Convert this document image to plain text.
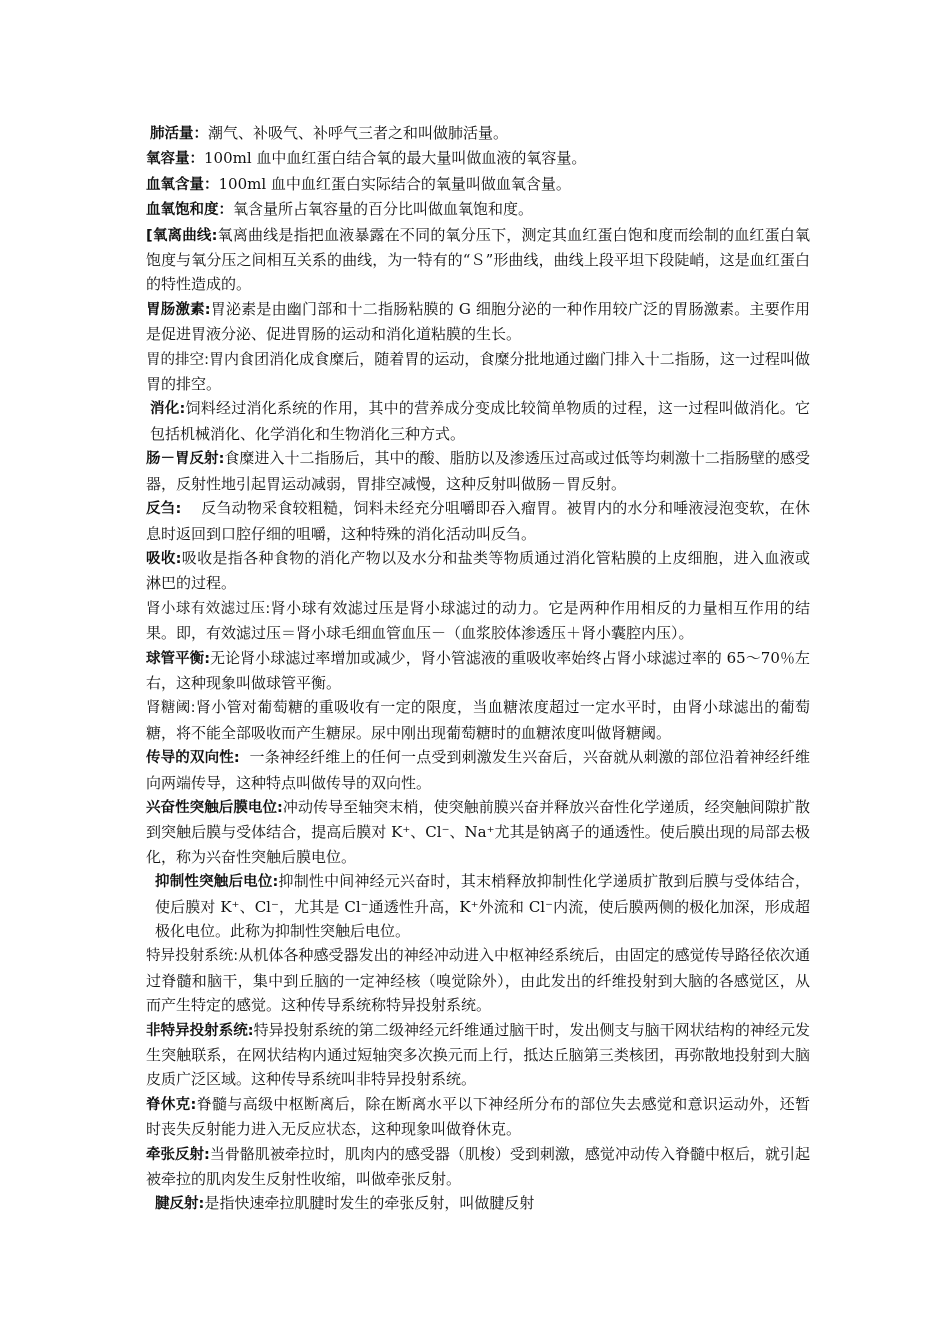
肺活量：潮气、补吸气、补呼气三者之和叫做肺活量。

氧容量：100ml 血中血红蛋白结合氧的最大量叫做血液的氧容量。

血氧含量：100ml 血中血红蛋白实际结合的氧量叫做血氧含量。

血氧饱和度：氧含量所占氧容量的百分比叫做血氧饱和度。

[氧离曲线:氧离曲线是指把血液暴露在不同的氧分压下，测定其血红蛋白饱和度而绘制的血红蛋白氧饱度与氧分压之间相互关系的曲线，为一特有的“Ｓ”形曲线，曲线上段平坦下段陡峭，这是血红蛋白的特性造成的。

胃肠激素:胃泌素是由幽门部和十二指肠粘膜的 G 细胞分泌的一种作用较广泛的胃肠激素。主要作用是促进胃液分泌、促进胃肠的运动和消化道粘膜的生长。

胃的排空:胃内食团消化成食糜后，随着胃的运动，食糜分批地通过幽门排入十二指肠，这一过程叫做胃的排空。

消化:饲料经过消化系统的作用，其中的营养成分变成比较简单物质的过程，这一过程叫做消化。它包括机械消化、化学消化和生物消化三种方式。

肠－胃反射:食糜进入十二指肠后，其中的酸、脂肪以及渗透压过高或过低等均刺激十二指肠壁的感受器，反射性地引起胃运动减弱，胃排空减慢，这种反射叫做肠－胃反射。

反刍: 反刍动物采食较粗糙，饲料未经充分咀嚼即吞入瘤胃。被胃内的水分和唾液浸泡变软，在休息时返回到口腔仔细的咀嚼，这种特殊的消化活动叫反刍。

吸收:吸收是指各种食物的消化产物以及水分和盐类等物质通过消化管粘膜的上皮细胞，进入血液或淋巴的过程。

肾小球有效滤过压:肾小球有效滤过压是肾小球滤过的动力。它是两种作用相反的力量相互作用的结果。即，有效滤过压＝肾小球毛细血管血压－（血浆胶体渗透压＋肾小囊腔内压）。

球管平衡:无论肾小球滤过率增加或减少，肾小管滤液的重吸收率始终占肾小球滤过率的 65～70％左右，这种现象叫做球管平衡。

肾糖阈:肾小管对葡萄糖的重吸收有一定的限度，当血糖浓度超过一定水平时，由肾小球滤出的葡萄糖，将不能全部吸收而产生糖尿。尿中刚出现葡萄糖时的血糖浓度叫做肾糖阈。

传导的双向性: 一条神经纤维上的任何一点受到刺激发生兴奋后，兴奋就从刺激的部位沿着神经纤维向两端传导，这种特点叫做传导的双向性。

兴奋性突触后膜电位:冲动传导至轴突末梢，使突触前膜兴奋并释放兴奋性化学递质，经突触间隙扩散到突触后膜与受体结合，提高后膜对 K⁺、Cl⁻、Na⁺尤其是钠离子的通透性。使后膜出现的局部去极化，称为兴奋性突触后膜电位。

抑制性突触后电位:抑制性中间神经元兴奋时，其末梢释放抑制性化学递质扩散到后膜与受体结合，使后膜对 K⁺、Cl⁻，尤其是 Cl⁻通透性升高，K⁺外流和 Cl⁻内流，使后膜两侧的极化加深，形成超极化电位。此称为抑制性突触后电位。

特异投射系统:从机体各种感受器发出的神经冲动进入中枢神经系统后，由固定的感觉传导路径依次通过脊髓和脑干，集中到丘脑的一定神经核（嗅觉除外），由此发出的纤维投射到大脑的各感觉区，从而产生特定的感觉。这种传导系统称特异投射系统。

非特异投射系统:特异投射系统的第二级神经元纤维通过脑干时，发出侧支与脑干网状结构的神经元发生突触联系，在网状结构内通过短轴突多次换元而上行，抵达丘脑第三类核团，再弥散地投射到大脑皮质广泛区域。这种传导系统叫非特异投射系统。

脊休克:脊髓与高级中枢断离后，除在断离水平以下神经所分布的部位失去感觉和意识运动外，还暂时丧失反射能力进入无反应状态，这种现象叫做脊休克。

牵张反射:当骨骼肌被牵拉时，肌肉内的感受器（肌梭）受到刺激，感觉冲动传入脊髓中枢后，就引起被牵拉的肌肉发生反射性收缩，叫做牵张反射。

腱反射:是指快速牵拉肌腱时发生的牵张反射，叫做腱反射
